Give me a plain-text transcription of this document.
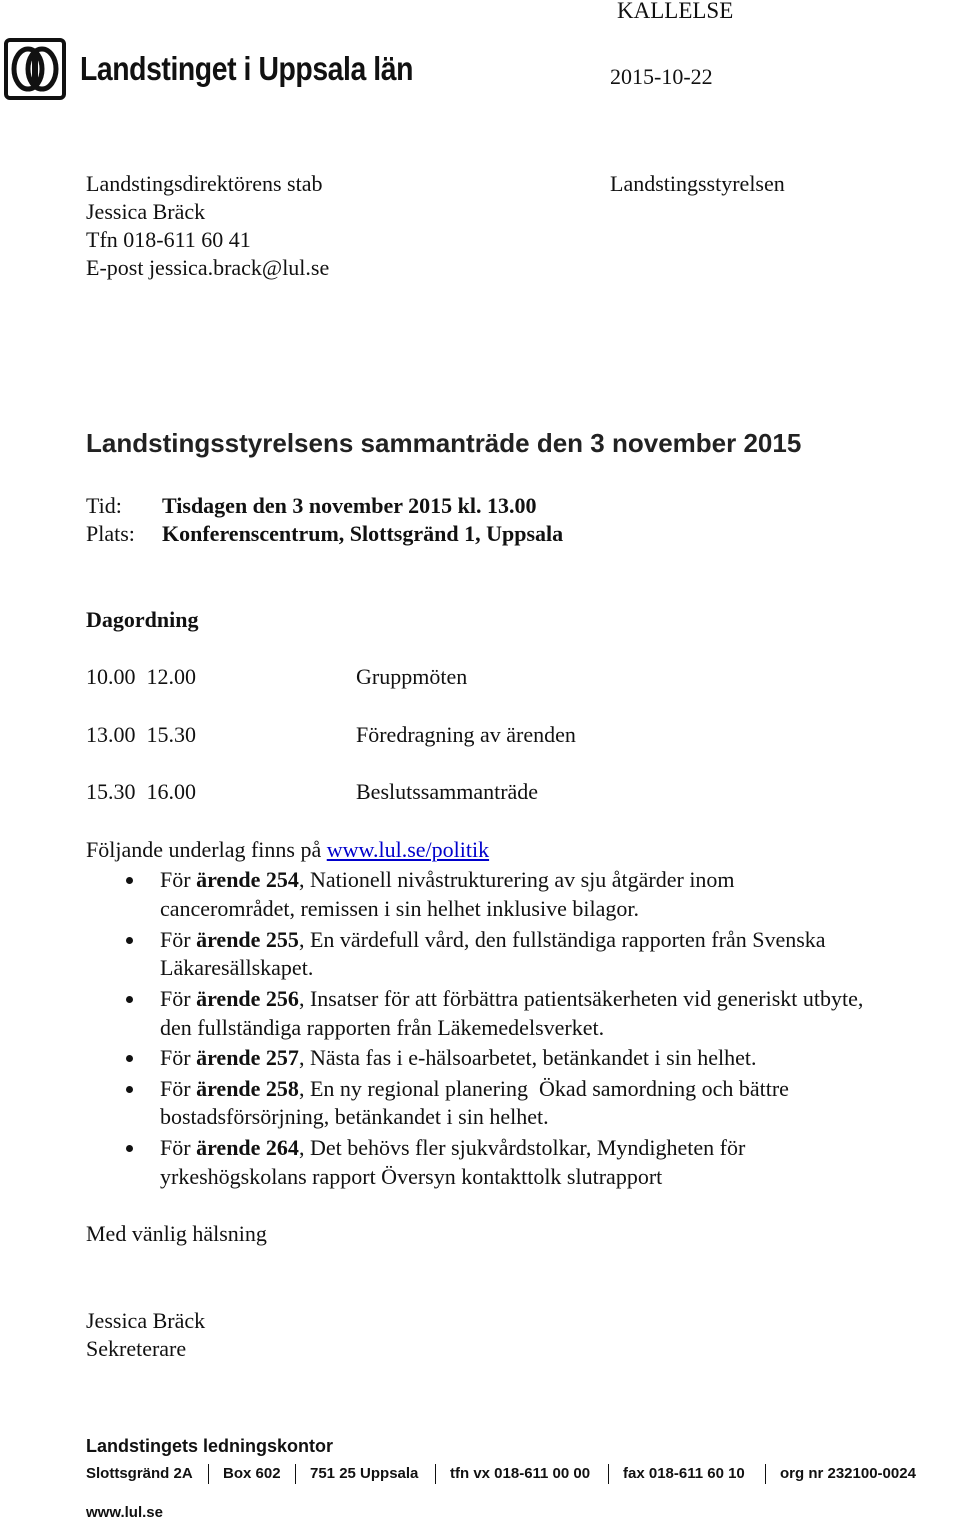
Landstinget i Uppsala län
KALLELSE
2015-10-22
Landstingsdirektörens stab
Jessica Bräck
Tfn 018-611 60 41
E-post jessica.brack@lul.se
Landstingsstyrelsen
Landstingsstyrelsens sammanträde den 3 november 2015
Tid: Tisdagen den 3 november 2015 kl. 13.00
Plats: Konferenscentrum, Slottsgränd 1, Uppsala
Dagordning
10.00  12.00	Gruppmöten
13.00  15.30	Föredragning av ärenden
15.30  16.00	Beslutssammanträde
Följande underlag finns på www.lul.se/politik
För ärende 254, Nationell nivåstrukturering av sju åtgärder inom
cancerområdet, remissen i sin helhet inklusive bilagor.
För ärende 255, En värdefull vård, den fullständiga rapporten från Svenska
Läkaresällskapet.
För ärende 256, Insatser för att förbättra patientsäkerheten vid generiskt utbyte,
den fullständiga rapporten från Läkemedelsverket.
För ärende 257, Nästa fas i e-hälsoarbetet, betänkandet i sin helhet.
För ärende 258, En ny regional planering  Ökad samordning och bättre
bostadsförsörjning, betänkandet i sin helhet.
För ärende 264, Det behövs fler sjukvårdstolkar, Myndigheten för
yrkeshögskolans rapport Översyn kontakttolk slutrapport
Med vänlig hälsning
Jessica Bräck
Sekreterare
Landstingets ledningskontor
Slottsgränd 2A Box 602 751 25 Uppsala tfn vx 018-611 00 00 fax 018-611 60 10 org nr 232100-0024
www.lul.se
